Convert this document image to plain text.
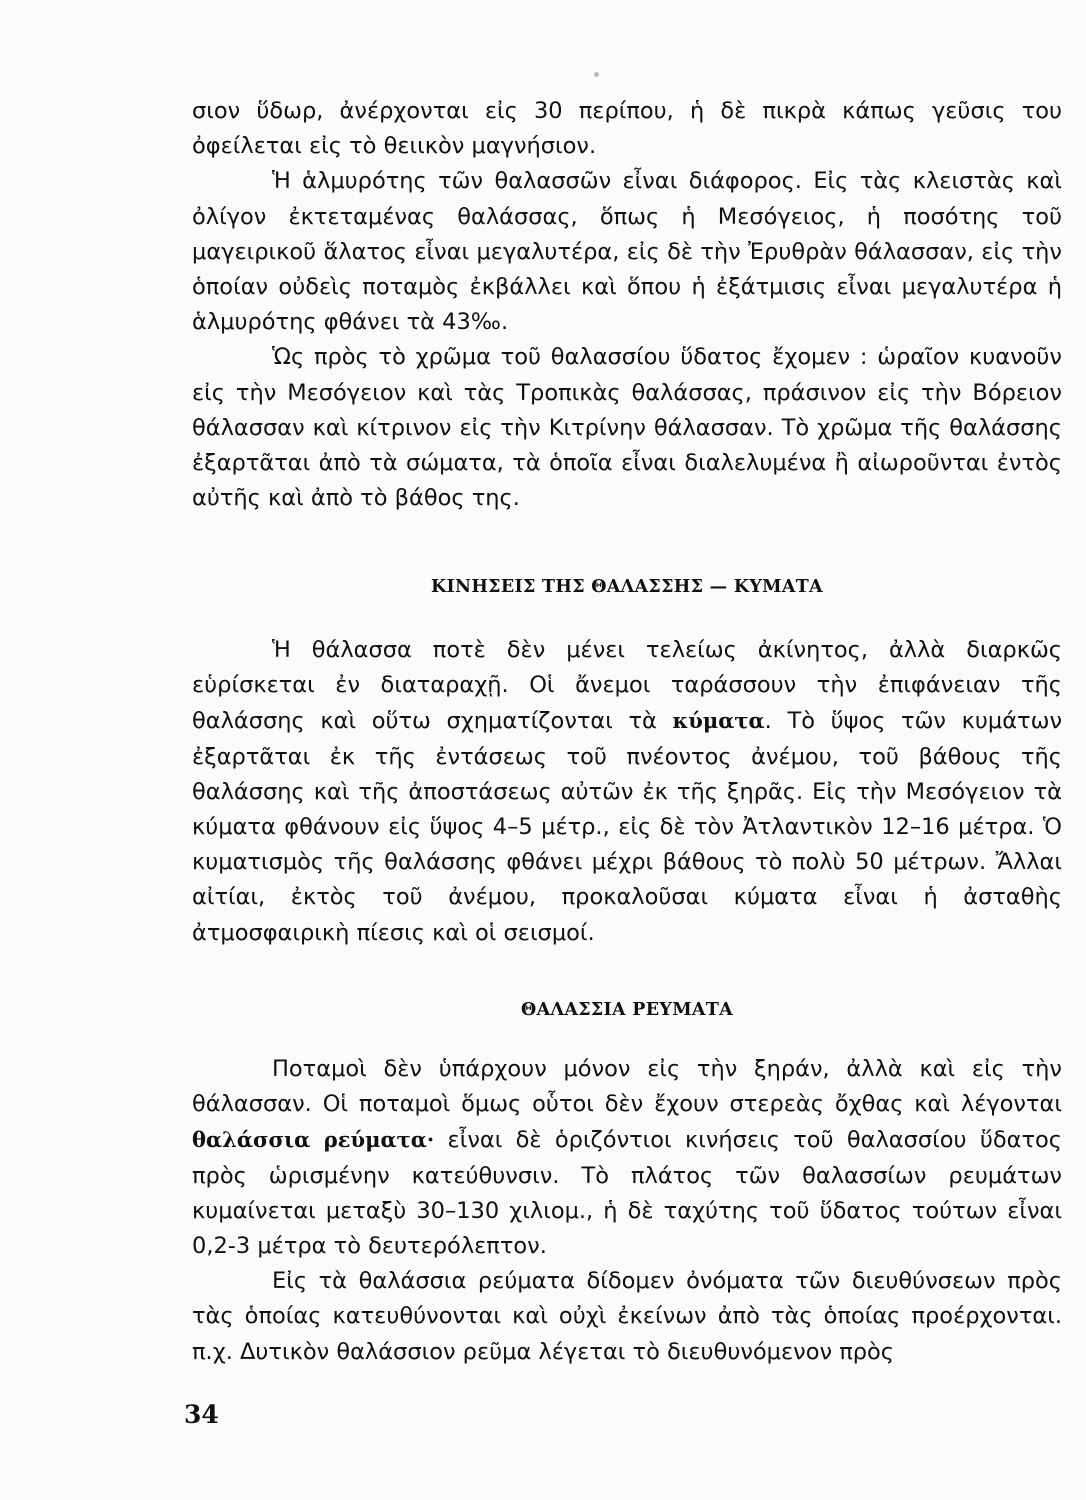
σιον ὕδωρ, ἀνέρχονται εἰς 30 περίπου, ἡ δὲ πικρὰ κάπως γεῦσις του ὀφείλεται εἰς τὸ θειικὸν μαγνήσιον.

Ἡ ἁλμυρότης τῶν θαλασσῶν εἶναι διάφορος. Εἰς τὰς κλειστὰς καὶ ὀλίγον ἐκτεταμένας θαλάσσας, ὅπως ἡ Μεσόγειος, ἡ ποσότης τοῦ μαγειρικοῦ ἅλατος εἶναι μεγαλυτέρα, εἰς δὲ τὴν Ἐρυθρὰν θάλασσαν, εἰς τὴν ὁποίαν οὐδεὶς ποταμὸς ἐκβάλλει καὶ ὅπου ἡ ἐξάτμισις εἶναι μεγαλυτέρα ἡ ἁλμυρότης φθάνει τὰ 43‰.

Ὡς πρὸς τὸ χρῶμα τοῦ θαλασσίου ὕδατος ἔχομεν : ὡραῖον κυανοῦν εἰς τὴν Μεσόγειον καὶ τὰς Τροπικὰς θαλάσσας, πράσινον εἰς τὴν Βόρειον θάλασσαν καὶ κίτρινον εἰς τὴν Κιτρίνην θάλασσαν. Τὸ χρῶμα τῆς θαλάσσης ἐξαρτᾶται ἀπὸ τὰ σώματα, τὰ ὁποῖα εἶναι διαλελυμένα ἢ αἰωροῦνται ἐντὸς αὐτῆς καὶ ἀπὸ τὸ βάθος της.

ΚΙΝΗΣΕΙΣ ΤΗΣ ΘΑΛΑΣΣΗΣ — ΚΥΜΑΤΑ

Ἡ θάλασσα ποτὲ δὲν μένει τελείως ἀκίνητος, ἀλλὰ διαρκῶς εὑρίσκεται ἐν διαταραχῇ. Οἱ ἄνεμοι ταράσσουν τὴν ἐπιφάνειαν τῆς θαλάσσης καὶ οὕτω σχηματίζονται τὰ κύματα. Τὸ ὕψος τῶν κυμάτων ἐξαρτᾶται ἐκ τῆς ἐντάσεως τοῦ πνέοντος ἀνέμου, τοῦ βάθους τῆς θαλάσσης καὶ τῆς ἀποστάσεως αὐτῶν ἐκ τῆς ξηρᾶς. Εἰς τὴν Μεσόγειον τὰ κύματα φθάνουν εἰς ὕψος 4–5 μέτρ., εἰς δὲ τὸν Ἀτλαντικὸν 12–16 μέτρα. Ὁ κυματισμὸς τῆς θαλάσσης φθάνει μέχρι βάθους τὸ πολὺ 50 μέτρων. Ἄλλαι αἰτίαι, ἐκτὸς τοῦ ἀνέμου, προκαλοῦσαι κύματα εἶναι ἡ ἀσταθὴς ἀτμοσφαιρικὴ πίεσις καὶ οἱ σεισμοί.

ΘΑΛΑΣΣΙΑ ΡΕΥΜΑΤΑ

Ποταμοὶ δὲν ὑπάρχουν μόνον εἰς τὴν ξηράν, ἀλλὰ καὶ εἰς τὴν θάλασσαν. Οἱ ποταμοὶ ὅμως οὗτοι δὲν ἔχουν στερεὰς ὄχθας καὶ λέγονται θαλάσσια ρεύματα· εἶναι δὲ ὁριζόντιοι κινήσεις τοῦ θαλασσίου ὕδατος πρὸς ὡρισμένην κατεύθυνσιν. Τὸ πλάτος τῶν θαλασσίων ρευμάτων κυμαίνεται μεταξὺ 30–130 χιλιομ., ἡ δὲ ταχύτης τοῦ ὕδατος τούτων εἶναι 0,2-3 μέτρα τὸ δευτερόλεπτον.

Εἰς τὰ θαλάσσια ρεύματα δίδομεν ὀνόματα τῶν διευθύνσεων πρὸς τὰς ὁποίας κατευθύνονται καὶ οὐχὶ ἐκείνων ἀπὸ τὰς ὁποίας προέρχονται. π.χ. Δυτικὸν θαλάσσιον ρεῦμα λέγεται τὸ διευθυνόμενον πρὸς

34
